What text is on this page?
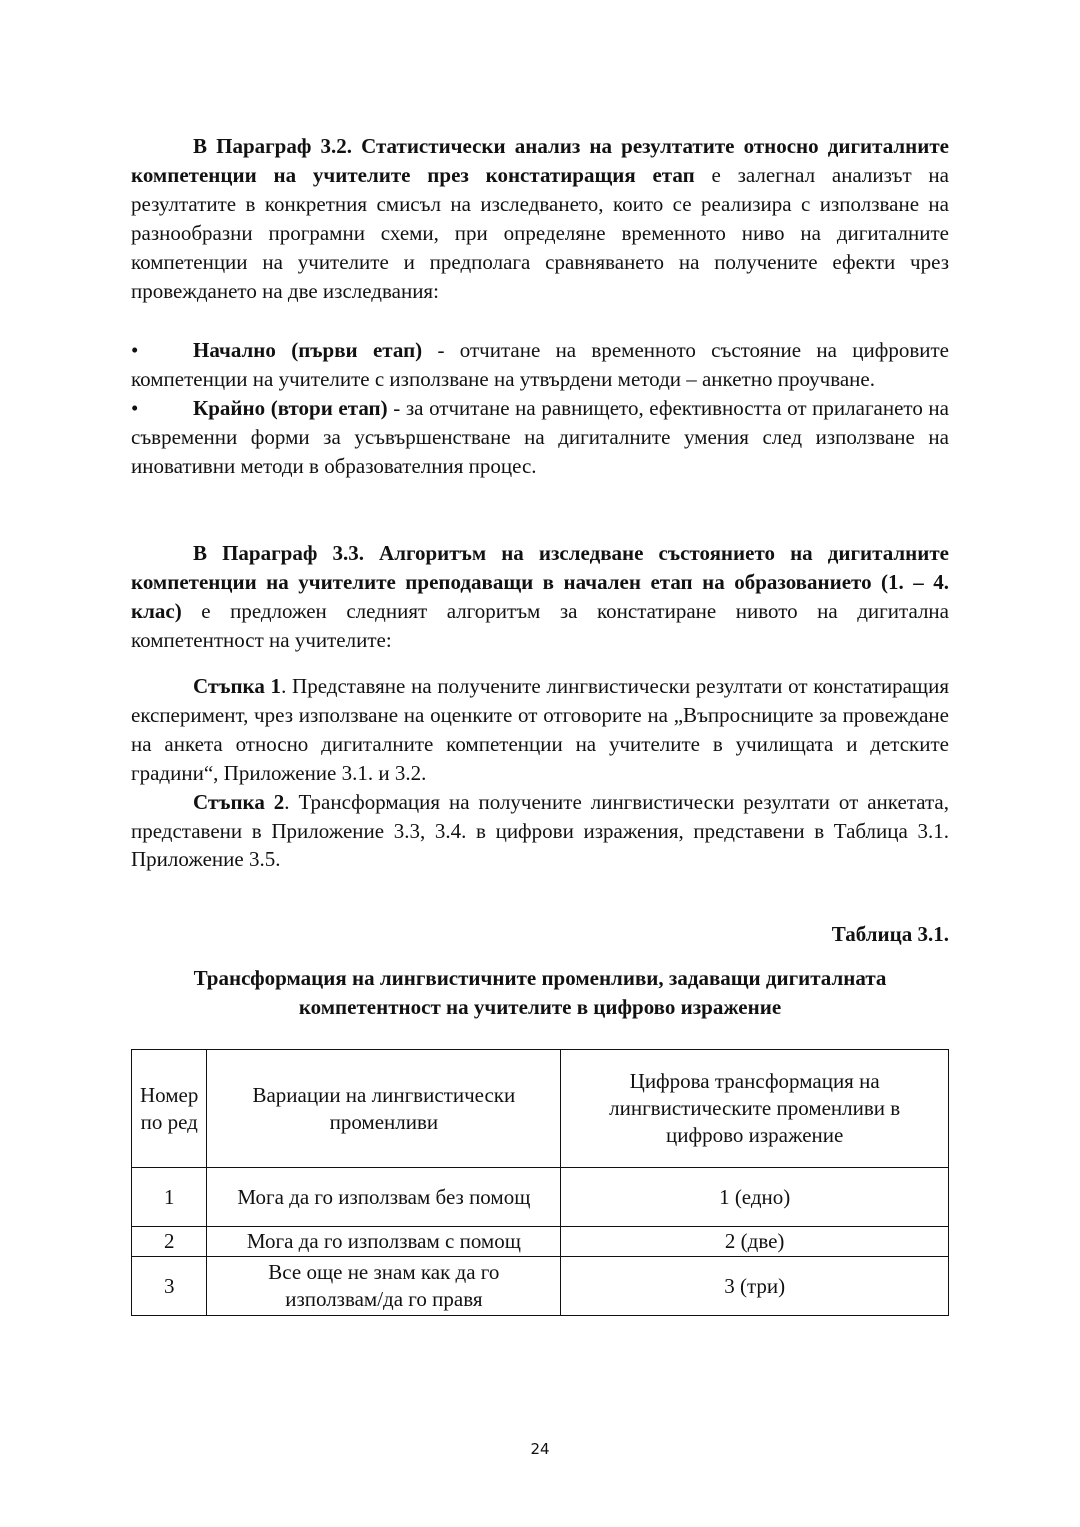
В Параграф 3.2. Статистически анализ на резултатите относно дигиталните компетенции на учителите през констатиращия етап е залегнал анализът на резултатите в конкретния смисъл на изследването, които се реализира с използване на разнообразни програмни схеми, при определяне временното ниво на дигиталните компетенции на учителите и предполага сравняването на получените ефекти чрез провеждането на две изследвания:

•	Начално (първи етап) - отчитане на временното състояние на цифровите компетенции на учителите с използване на утвърдени методи – анкетно проучване.

•	Крайно (втори етап) - за отчитане на равнището, ефективността от прилагането на съвременни форми за усъвършенстване на дигиталните умения след използване на иновативни методи в образователния процес.

В Параграф 3.3. Алгоритъм на изследване състоянието на дигиталните компетенции на учителите преподаващи в начален етап на образованието (1. – 4. клас) е предложен следният алгоритъм за констатиране нивото на дигитална компетентност на учителите:

Стъпка 1. Представяне на получените лингвистически резултати от констатиращия експеримент, чрез използване на оценките от отговорите на „Въпросниците за провеждане на анкета относно дигиталните компетенции на учителите в училищата и детските градини“, Приложение 3.1. и 3.2.

Стъпка 2. Трансформация на получените лингвистически резултати от анкетата, представени в Приложение 3.3, 3.4. в цифрови изражения, представени в Таблица 3.1. Приложение 3.5.

Таблица 3.1.
Трансформация на лингвистичните променливи, задаващи дигиталната компетентност на учителите в цифрово изражение
Номер по ред	Вариации на лингвистически променливи	Цифрова трансформация на лингвистическите променливи в цифрово изражение
1	Мога да го използвам без помощ	1 (едно)
2	Мога да го използвам с помощ	2 (две)
3	Все още не знам как да го използвам/да го правя	3 (три)
24
